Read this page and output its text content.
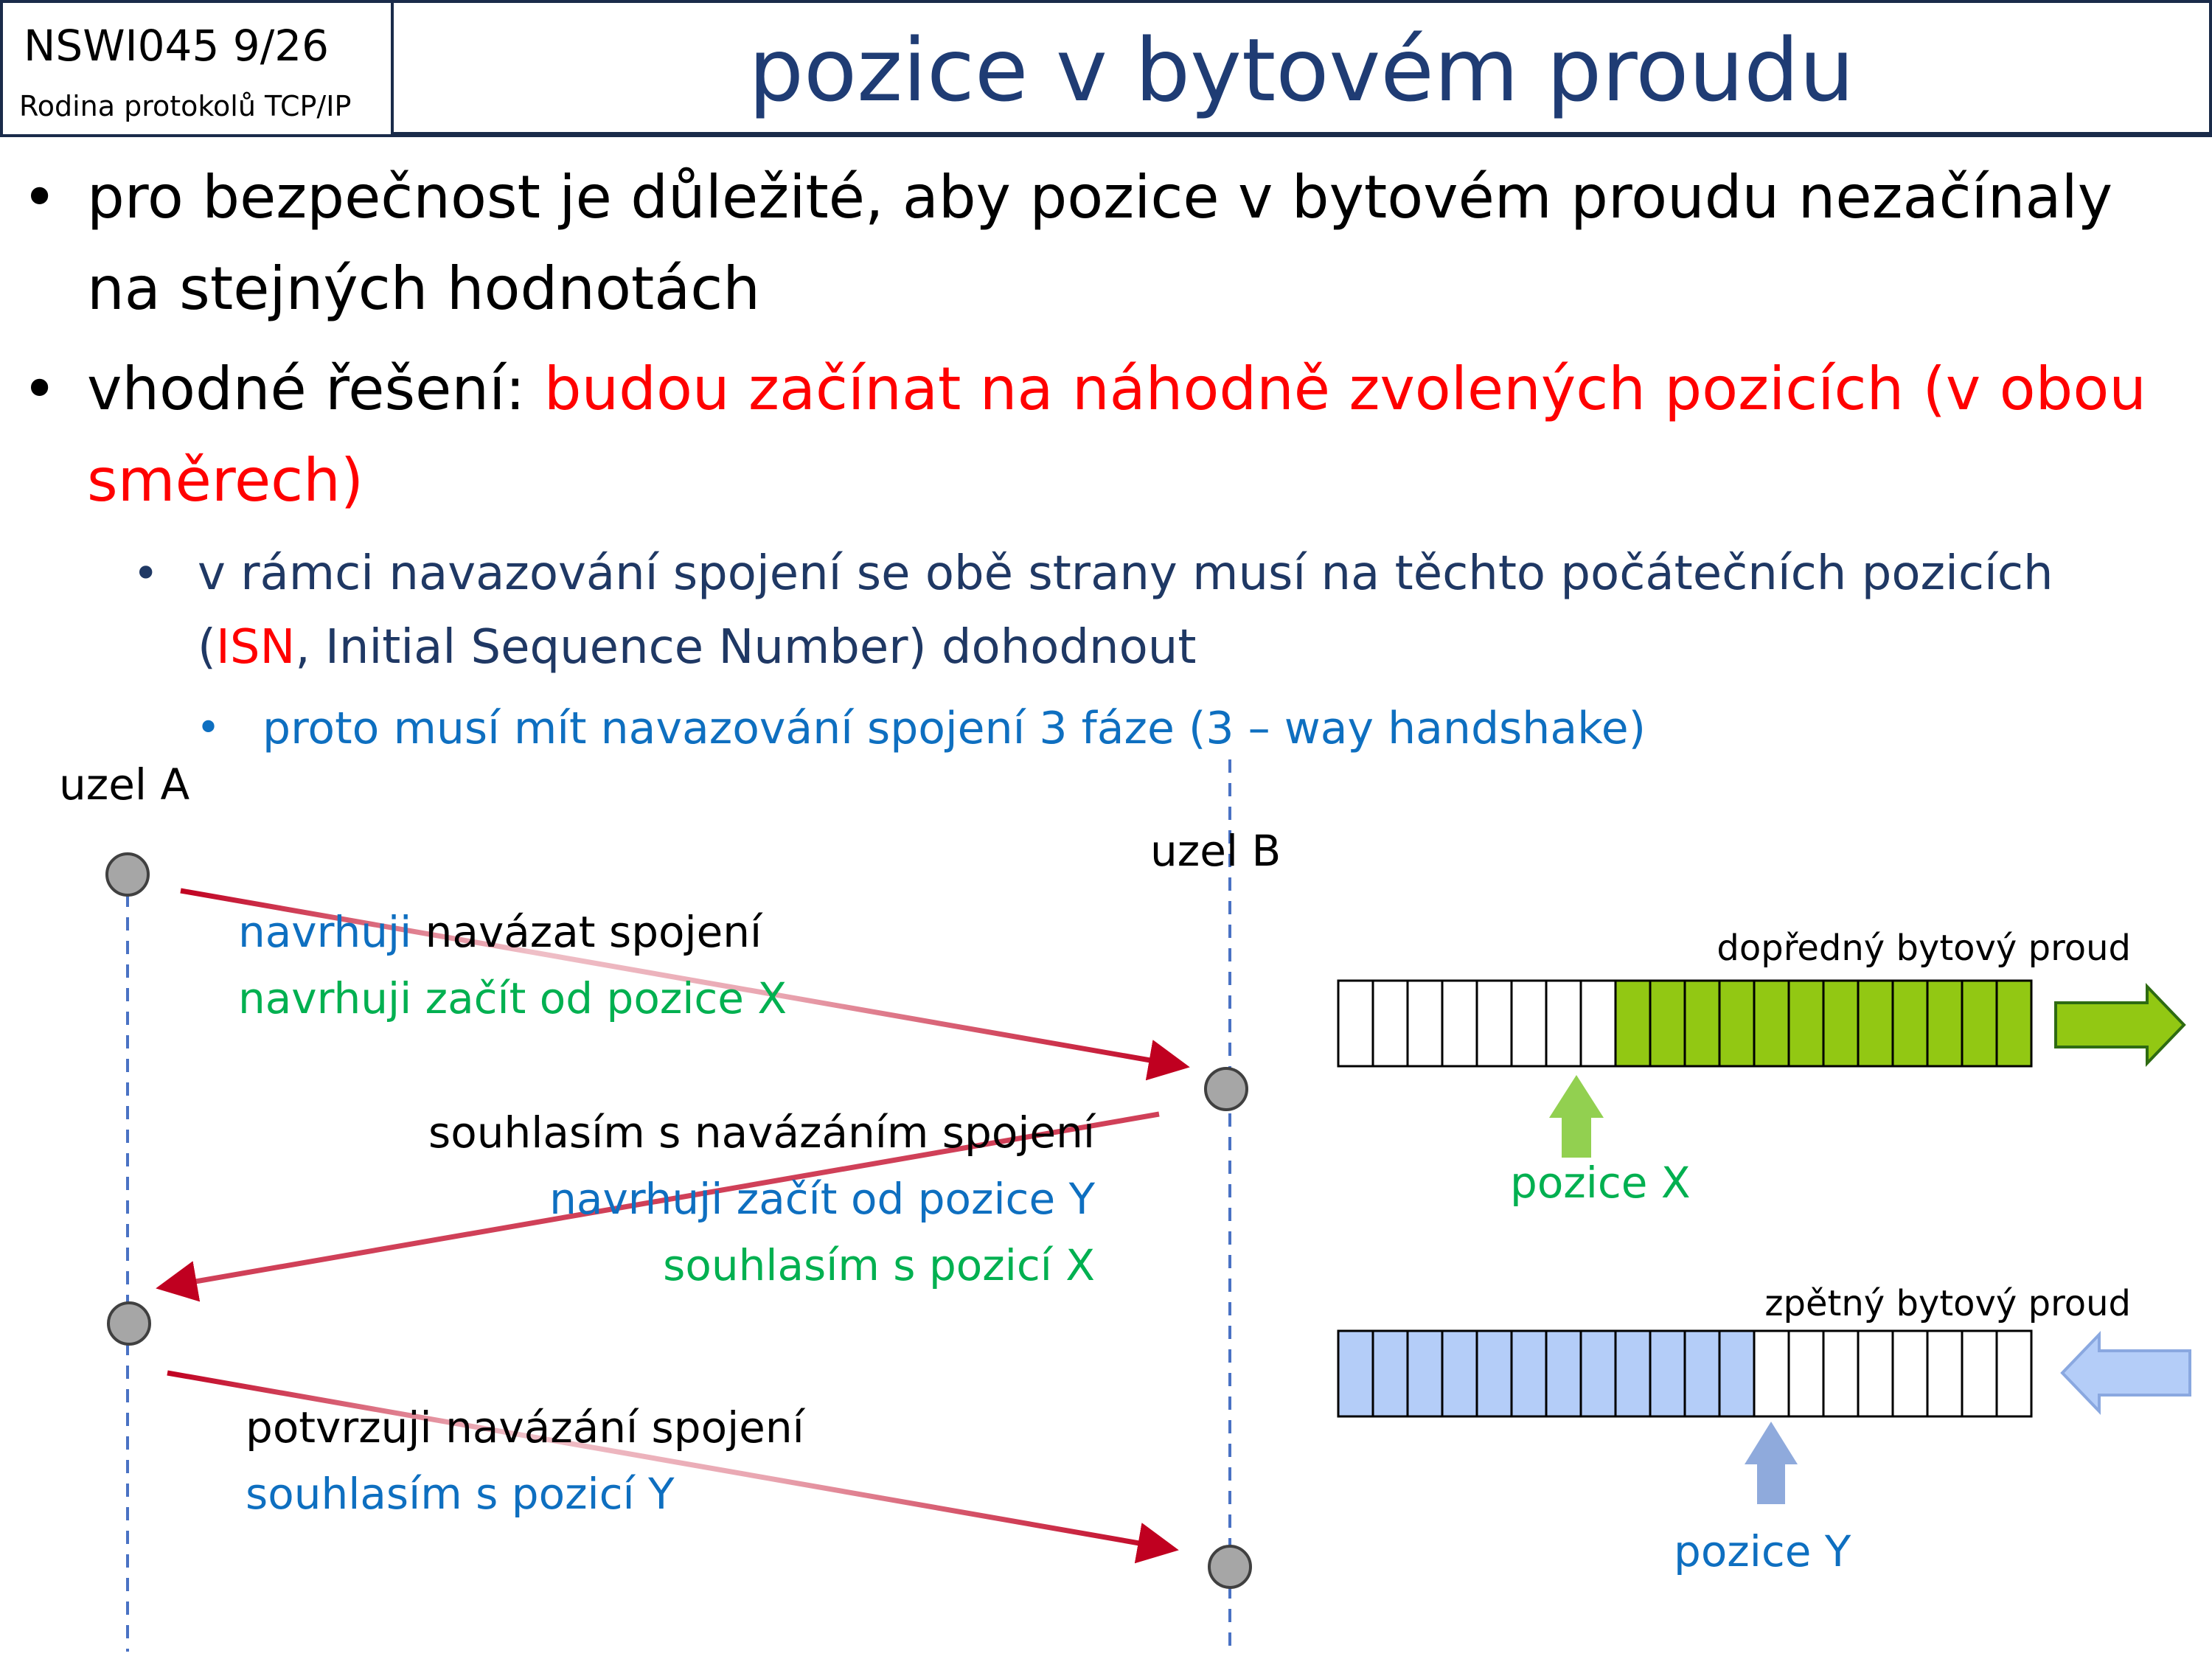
NSWI045 9/26
Rodina protokolů TCP/IP	pozice v bytovém proudu
• pro bezpečnost je důležité, aby pozice v bytovém proudu nezačínaly
na stejných hodnotách
• vhodné řešení: budou začínat na náhodně zvolených pozicích (v obou
směrech)
• v rámci navazování spojení se obě strany musí na těchto počátečních pozicích
(ISN, Initial Sequence Number) dohodnout
• proto musí mít navazování spojení 3 fáze (3 – way handshake)
uzel A
uzel B
navrhuji navázat spojení
navrhuji začít od pozice X
souhlasím s navázáním spojení
navrhuji začít od pozice Y
souhlasím s pozicí X
potvrzuji navázání spojení
souhlasím s pozicí Y
dopředný bytový proud
zpětný bytový proud
pozice X
pozice Y
